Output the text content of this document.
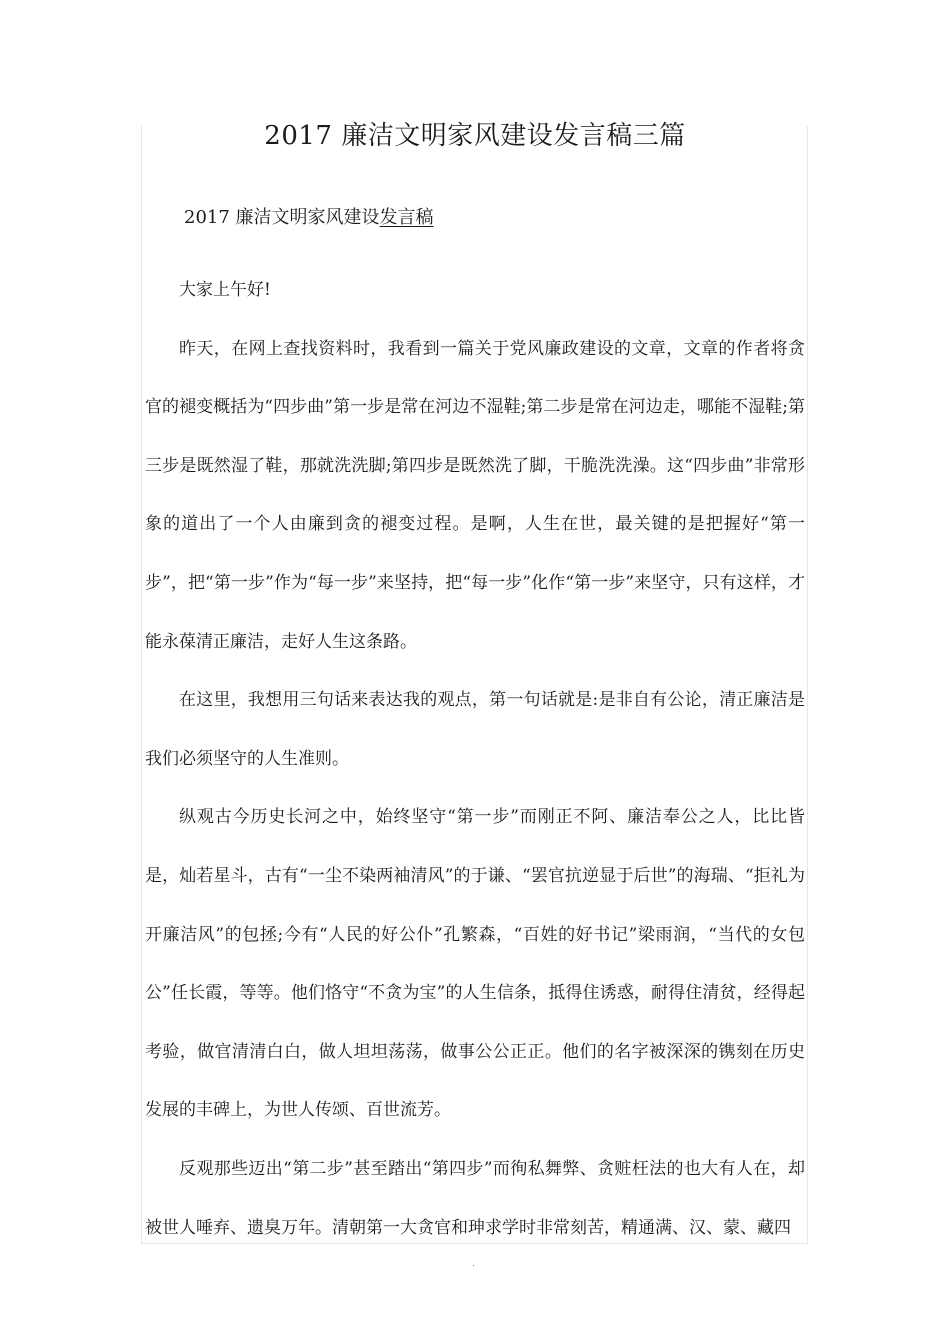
2017 廉洁文明家风建设发言稿三篇
2017 廉洁文明家风建设发言稿

大家上午好!

昨天，在网上查找资料时，我看到一篇关于党风廉政建设的文章，文章的作者将贪官的褪变概括为“四步曲”第一步是常在河边不湿鞋;第二步是常在河边走，哪能不湿鞋;第三步是既然湿了鞋，那就洗洗脚;第四步是既然洗了脚，干脆洗洗澡。这“四步曲”非常形象的道出了一个人由廉到贪的褪变过程。是啊，人生在世，最关键的是把握好“第一步”，把“第一步”作为“每一步”来坚持，把“每一步”化作“第一步”来坚守，只有这样，才能永葆清正廉洁，走好人生这条路。

在这里，我想用三句话来表达我的观点，第一句话就是:是非自有公论，清正廉洁是我们必须坚守的人生准则。

纵观古今历史长河之中，始终坚守“第一步”而刚正不阿、廉洁奉公之人，比比皆是，灿若星斗，古有“一尘不染两袖清风”的于谦、“罢官抗逆显于后世”的海瑞、“拒礼为开廉洁风”的包拯;今有“人民的好公仆”孔繁森，“百姓的好书记”梁雨润，“当代的女包公”任长霞，等等。他们恪守“不贪为宝”的人生信条，抵得住诱惑，耐得住清贫，经得起考验，做官清清白白，做人坦坦荡荡，做事公公正正。他们的名字被深深的镌刻在历史发展的丰碑上，为世人传颂、百世流芳。

反观那些迈出“第二步”甚至踏出“第四步”而徇私舞弊、贪赃枉法的也大有人在，却被世人唾弃、遗臭万年。清朝第一大贪官和珅求学时非常刻苦，精通满、汉、蒙、藏四

.
